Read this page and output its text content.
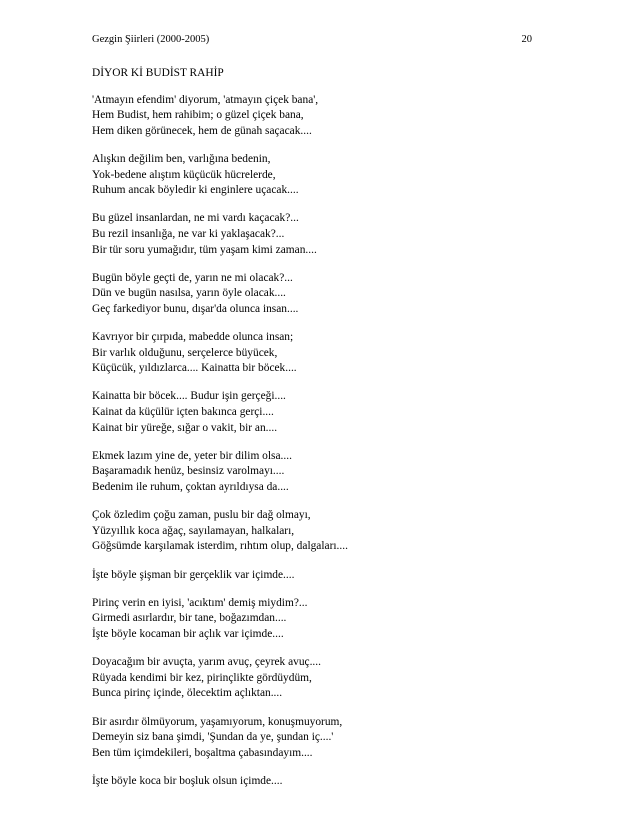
Gezgin Şiirleri (2000-2005)	20
DİYOR Kİ BUDİST RAHİP
'Atmayın efendim' diyorum, 'atmayın çiçek bana',
Hem Budist, hem rahibim; o güzel çiçek bana,
Hem diken görünecek, hem de günah saçacak....
Alışkın değilim ben, varlığına bedenin,
Yok-bedene alıştım küçücük hücrelerde,
Ruhum ancak böyledir ki enginlere uçacak....
Bu güzel insanlardan, ne mi vardı kaçacak?...
Bu rezil insanlığa, ne var ki yaklaşacak?...
Bir tür soru yumağıdır, tüm yaşam kimi zaman....
Bugün böyle geçti de, yarın ne mi olacak?...
Dün ve bugün nasılsa, yarın öyle olacak....
Geç farkediyor bunu, dışar'da olunca insan....
Kavrıyor bir çırpıda, mabedde olunca insan;
Bir varlık olduğunu, serçelerce büyücek,
Küçücük, yıldızlarca.... Kainatta bir böcek....
Kainatta bir böcek.... Budur işin gerçeği....
Kainat da küçülür içten bakınca gerçi....
Kainat bir yüreğe, sığar o vakit, bir an....
Ekmek lazım yine de, yeter bir dilim olsa....
Başaramadık henüz, besinsiz varolmayı....
Bedenim ile ruhum, çoktan ayrıldıysa da....
Çok özledim çoğu zaman, puslu bir dağ olmayı,
Yüzyıllık koca ağaç, sayılamayan, halkaları,
Göğsümde karşılamak isterdim, rıhtım olup, dalgaları....
İşte böyle şişman bir gerçeklik var içimde....
Pirinç verin en iyisi, 'acıktım' demiş miydim?...
Girmedi asırlardır, bir tane, boğazımdan....
İşte böyle kocaman bir açlık var içimde....
Doyacağım bir avuçta, yarım avuç, çeyrek avuç....
Rüyada kendimi bir kez, pirinçlikte gördüydüm,
Bunca pirinç içinde, ölecektim açlıktan....
Bir asırdır ölmüyorum, yaşamıyorum, konuşmuyorum,
Demeyin siz bana şimdi, 'Şundan da ye, şundan iç....'
Ben tüm içimdekileri, boşaltma çabasındayım....
İşte böyle koca bir boşluk olsun içimde....
